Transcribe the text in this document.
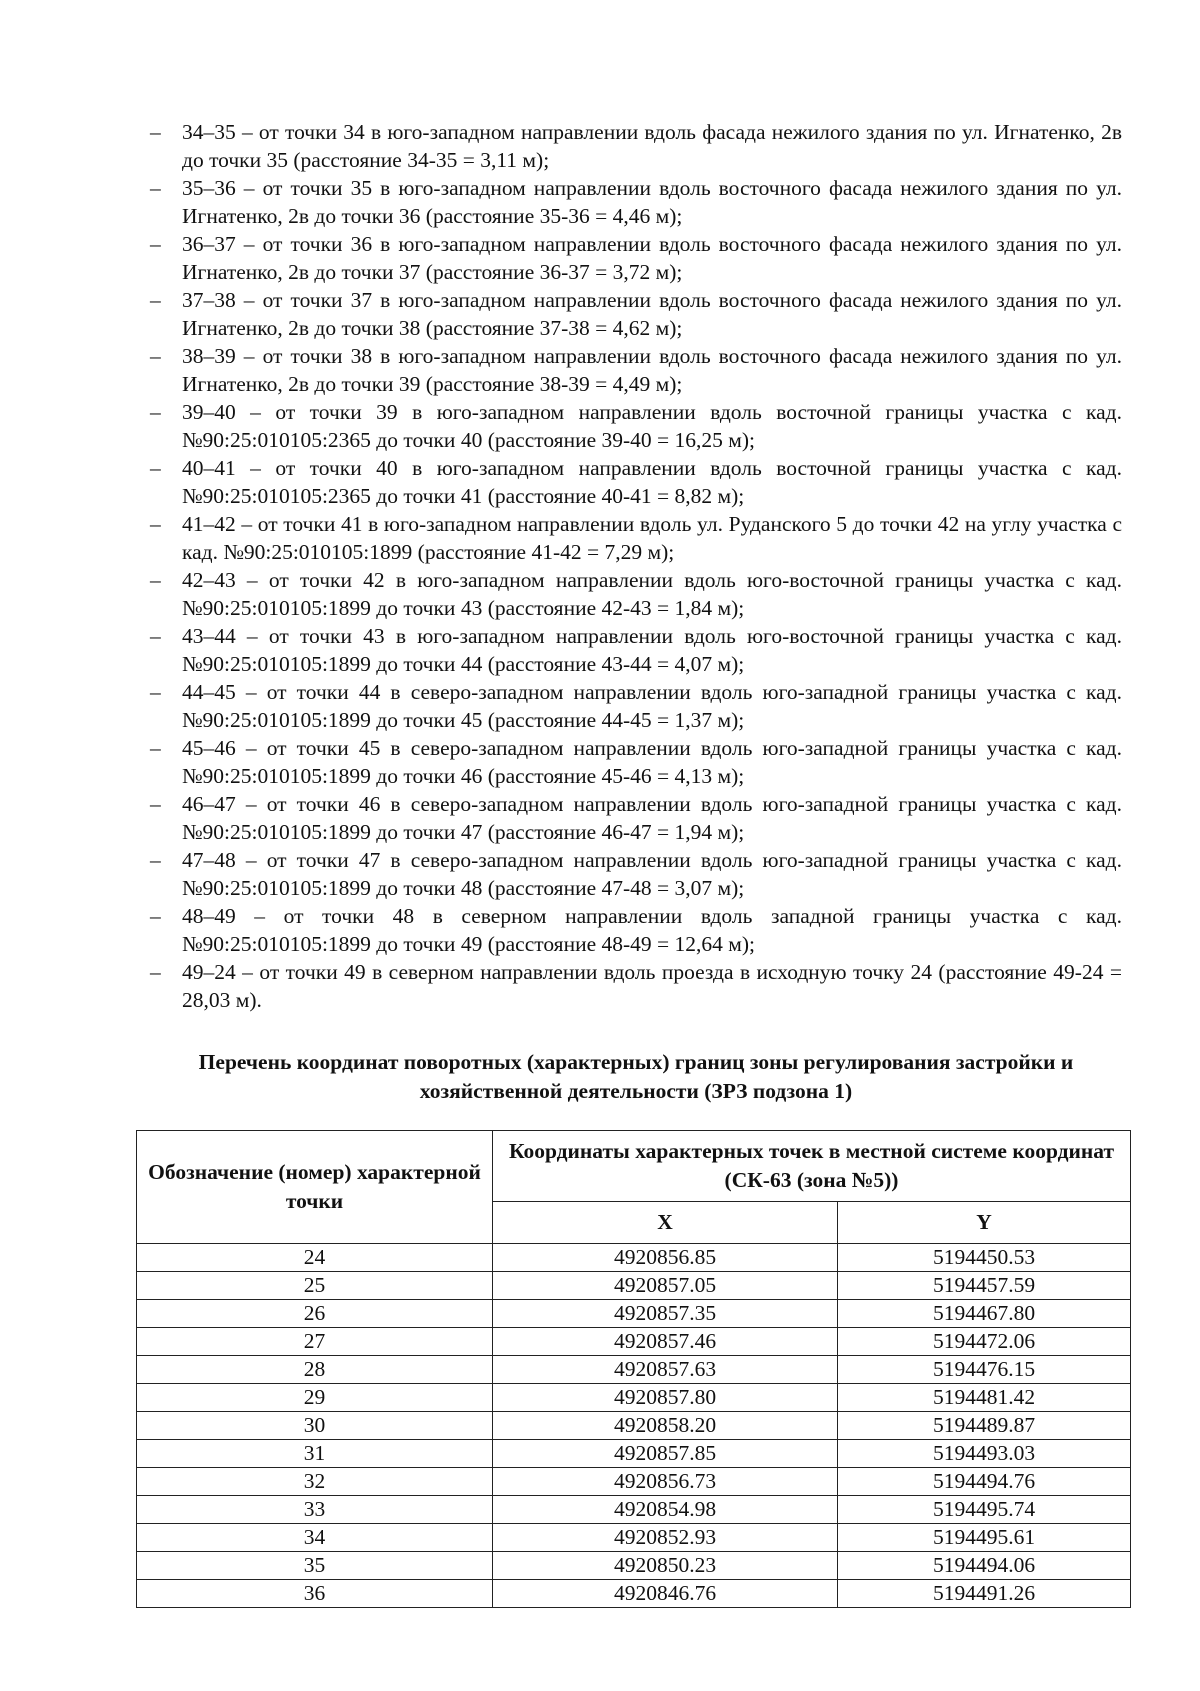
– 34–35 – от точки 34 в юго-западном направлении вдоль фасада нежилого здания по ул. Игнатенко, 2в до точки 35 (расстояние 34-35 = 3,11 м);
– 35–36 – от точки 35 в юго-западном направлении вдоль восточного фасада нежилого здания по ул. Игнатенко, 2в до точки 36 (расстояние 35-36 = 4,46 м);
– 36–37 – от точки 36 в юго-западном направлении вдоль восточного фасада нежилого здания по ул. Игнатенко, 2в до точки 37 (расстояние 36-37 = 3,72 м);
– 37–38 – от точки 37 в юго-западном направлении вдоль восточного фасада нежилого здания по ул. Игнатенко, 2в до точки 38 (расстояние 37-38 = 4,62 м);
– 38–39 – от точки 38 в юго-западном направлении вдоль восточного фасада нежилого здания по ул. Игнатенко, 2в до точки 39 (расстояние 38-39 = 4,49 м);
– 39–40 – от точки 39 в юго-западном направлении вдоль восточной границы участка с кад. №90:25:010105:2365 до точки 40 (расстояние 39-40 = 16,25 м);
– 40–41 – от точки 40 в юго-западном направлении вдоль восточной границы участка с кад. №90:25:010105:2365 до точки 41 (расстояние 40-41 = 8,82 м);
– 41–42 – от точки 41 в юго-западном направлении вдоль ул. Руданского 5 до точки 42 на углу участка с кад. №90:25:010105:1899 (расстояние 41-42 = 7,29 м);
– 42–43 – от точки 42 в юго-западном направлении вдоль юго-восточной границы участка с кад. №90:25:010105:1899 до точки 43 (расстояние 42-43 = 1,84 м);
– 43–44 – от точки 43 в юго-западном направлении вдоль юго-восточной границы участка с кад. №90:25:010105:1899 до точки 44 (расстояние 43-44 = 4,07 м);
– 44–45 – от точки 44 в северо-западном направлении вдоль юго-западной границы участка с кад. №90:25:010105:1899 до точки 45 (расстояние 44-45 = 1,37 м);
– 45–46 – от точки 45 в северо-западном направлении вдоль юго-западной границы участка с кад. №90:25:010105:1899 до точки 46 (расстояние 45-46 = 4,13 м);
– 46–47 – от точки 46 в северо-западном направлении вдоль юго-западной границы участка с кад. №90:25:010105:1899 до точки 47 (расстояние 46-47 = 1,94 м);
– 47–48 – от точки 47 в северо-западном направлении вдоль юго-западной границы участка с кад. №90:25:010105:1899 до точки 48 (расстояние 47-48 = 3,07 м);
– 48–49 – от точки 48 в северном направлении вдоль западной границы участка с кад. №90:25:010105:1899 до точки 49 (расстояние 48-49 = 12,64 м);
– 49–24 – от точки 49 в северном направлении вдоль проезда в исходную точку 24 (расстояние 49-24 = 28,03 м).
Перечень координат поворотных (характерных) границ зоны регулирования застройки и хозяйственной деятельности (ЗРЗ подзона 1)
Обозначение (номер) характерной точки	Координаты характерных точек в местной системе координат (СК-63 (зона №5))	
	X	Y
24	4920856.85	5194450.53
25	4920857.05	5194457.59
26	4920857.35	5194467.80
27	4920857.46	5194472.06
28	4920857.63	5194476.15
29	4920857.80	5194481.42
30	4920858.20	5194489.87
31	4920857.85	5194493.03
32	4920856.73	5194494.76
33	4920854.98	5194495.74
34	4920852.93	5194495.61
35	4920850.23	5194494.06
36	4920846.76	5194491.26
